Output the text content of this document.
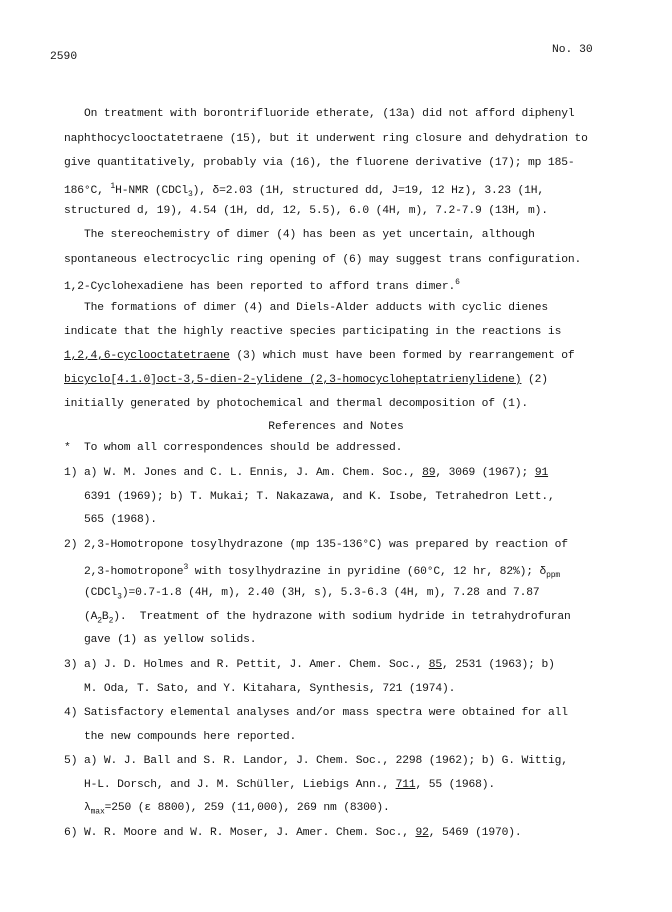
2590
No. 30
On treatment with borontrifluoride etherate, (13a) did not afford diphenyl
naphthocyclooctatetraene (15), but it underwent ring closure and dehydration to
give quantitatively, probably via (16), the fluorene derivative (17); mp 185-
186°C, $^1$H-NMR (CDCl$_3$), δ=2.03 (1H, structured dd, J=19, 12 Hz), 3.23 (1H,
structured d, 19), 4.54 (1H, dd, 12, 5.5), 6.0 (4H, m), 7.2-7.9 (13H, m).
The stereochemistry of dimer (4) has been as yet uncertain, although
spontaneous electrocyclic ring opening of (6) may suggest trans configuration.
1,2-Cyclohexadiene has been reported to afford trans dimer.$^6$
The formations of dimer (4) and Diels-Alder adducts with cyclic dienes
indicate that the highly reactive species participating in the reactions is
1,2,4,6-cyclooctatetraene (3) which must have been formed by rearrangement of
bicyclo[4.1.0]oct-3,5-dien-2-ylidene (2,3-homocycloheptatrienylidene) (2)
initially generated by photochemical and thermal decomposition of (1).
References and Notes
* To whom all correspondences should be addressed.
1) a) W. M. Jones and C. L. Ennis, J. Am. Chem. Soc., 89, 3069 (1967); 91
6391 (1969); b) T. Mukai; T. Nakazawa, and K. Isobe, Tetrahedron Lett.,
565 (1968).
2) 2,3-Homotropone tosylhydrazone (mp 135-136°C) was prepared by reaction of
2,3-homotropone$^3$ with tosylhydrazine in pyridine (60°C, 12 hr, 82%); $\delta_{ppm}$
(CDCl$_3$)=0.7-1.8 (4H, m), 2.40 (3H, s), 5.3-6.3 (4H, m), 7.28 and 7.87
$(A_2B_2)$.  Treatment of the hydrazone with sodium hydride in tetrahydrofuran
gave (1) as yellow solids.
3) a) J. D. Holmes and R. Pettit, J. Amer. Chem. Soc., 85, 2531 (1963); b)
M. Oda, T. Sato, and Y. Kitahara, Synthesis, 721 (1974).
4) Satisfactory elemental analyses and/or mass spectra were obtained for all
the new compounds here reported.
5) a) W. J. Ball and S. R. Landor, J. Chem. Soc., 2298 (1962); b) G. Wittig,
H-L. Dorsch, and J. M. Schüller, Liebigs Ann., 711, 55 (1968).
$\lambda_{max}=250$ (ε 8800), 259 (11,000), 269 nm (8300).
6) W. R. Moore and W. R. Moser, J. Amer. Chem. Soc., 92, 5469 (1970).
